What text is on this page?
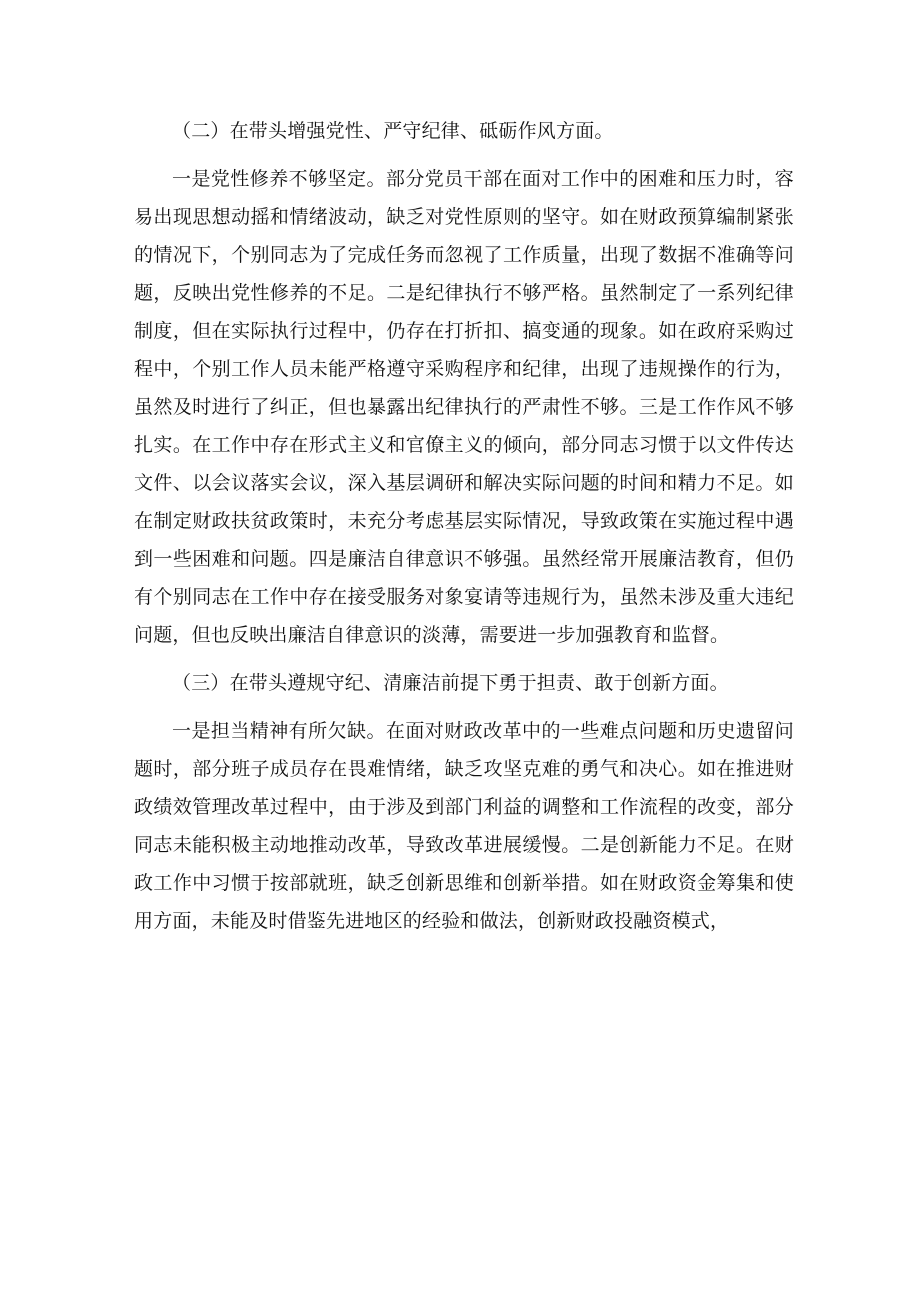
（二）在带头增强党性、严守纪律、砥砺作风方面。

一是党性修养不够坚定。部分党员干部在面对工作中的困难和压力时，容易出现思想动摇和情绪波动，缺乏对党性原则的坚守。如在财政预算编制紧张的情况下，个别同志为了完成任务而忽视了工作质量，出现了数据不准确等问题，反映出党性修养的不足。二是纪律执行不够严格。虽然制定了一系列纪律制度，但在实际执行过程中，仍存在打折扣、搞变通的现象。如在政府采购过程中，个别工作人员未能严格遵守采购程序和纪律，出现了违规操作的行为，虽然及时进行了纠正，但也暴露出纪律执行的严肃性不够。三是工作作风不够扎实。在工作中存在形式主义和官僚主义的倾向，部分同志习惯于以文件传达文件、以会议落实会议，深入基层调研和解决实际问题的时间和精力不足。如在制定财政扶贫政策时，未充分考虑基层实际情况，导致政策在实施过程中遇到一些困难和问题。四是廉洁自律意识不够强。虽然经常开展廉洁教育，但仍有个别同志在工作中存在接受服务对象宴请等违规行为，虽然未涉及重大违纪问题，但也反映出廉洁自律意识的淡薄，需要进一步加强教育和监督。

（三）在带头遵规守纪、清廉洁前提下勇于担责、敢于创新方面。

一是担当精神有所欠缺。在面对财政改革中的一些难点问题和历史遗留问题时，部分班子成员存在畏难情绪，缺乏攻坚克难的勇气和决心。如在推进财政绩效管理改革过程中，由于涉及到部门利益的调整和工作流程的改变，部分同志未能积极主动地推动改革，导致改革进展缓慢。二是创新能力不足。在财政工作中习惯于按部就班，缺乏创新思维和创新举措。如在财政资金筹集和使用方面，未能及时借鉴先进地区的经验和做法，创新财政投融资模式，
